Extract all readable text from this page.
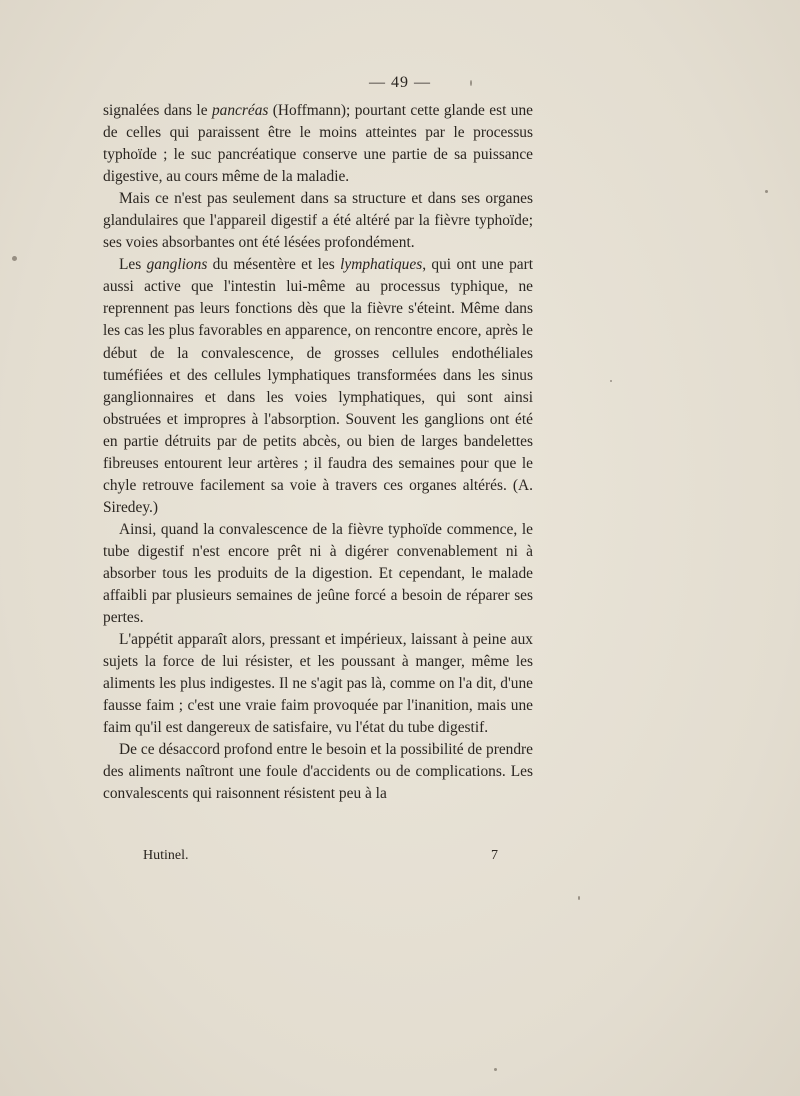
— 49 —

signalées dans le pancréas (Hoffmann); pourtant cette glande est une de celles qui paraissent être le moins atteintes par le processus typhoïde ; le suc pancréatique conserve une partie de sa puissance digestive, au cours même de la maladie.

Mais ce n'est pas seulement dans sa structure et dans ses organes glandulaires que l'appareil digestif a été altéré par la fièvre typhoïde; ses voies absorbantes ont été lésées profondément.

Les ganglions du mésentère et les lymphatiques, qui ont une part aussi active que l'intestin lui-même au processus typhique, ne reprennent pas leurs fonctions dès que la fièvre s'éteint. Même dans les cas les plus favorables en apparence, on rencontre encore, après le début de la convalescence, de grosses cellules endothéliales tuméfiées et des cellules lymphatiques transformées dans les sinus ganglionnaires et dans les voies lymphatiques, qui sont ainsi obstruées et impropres à l'absorption. Souvent les ganglions ont été en partie détruits par de petits abcès, ou bien de larges bandelettes fibreuses entourent leur artères ; il faudra des semaines pour que le chyle retrouve facilement sa voie à travers ces organes altérés. (A. Siredey.)

Ainsi, quand la convalescence de la fièvre typhoïde commence, le tube digestif n'est encore prêt ni à digérer convenablement ni à absorber tous les produits de la digestion. Et cependant, le malade affaibli par plusieurs semaines de jeûne forcé a besoin de réparer ses pertes.

L'appétit apparaît alors, pressant et impérieux, laissant à peine aux sujets la force de lui résister, et les poussant à manger, même les aliments les plus indigestes. Il ne s'agit pas là, comme on l'a dit, d'une fausse faim ; c'est une vraie faim provoquée par l'inanition, mais une faim qu'il est dangereux de satisfaire, vu l'état du tube digestif.

De ce désaccord profond entre le besoin et la possibilité de prendre des aliments naîtront une foule d'accidents ou de complications. Les convalescents qui raisonnent résistent peu à la

Hutinel.	7
